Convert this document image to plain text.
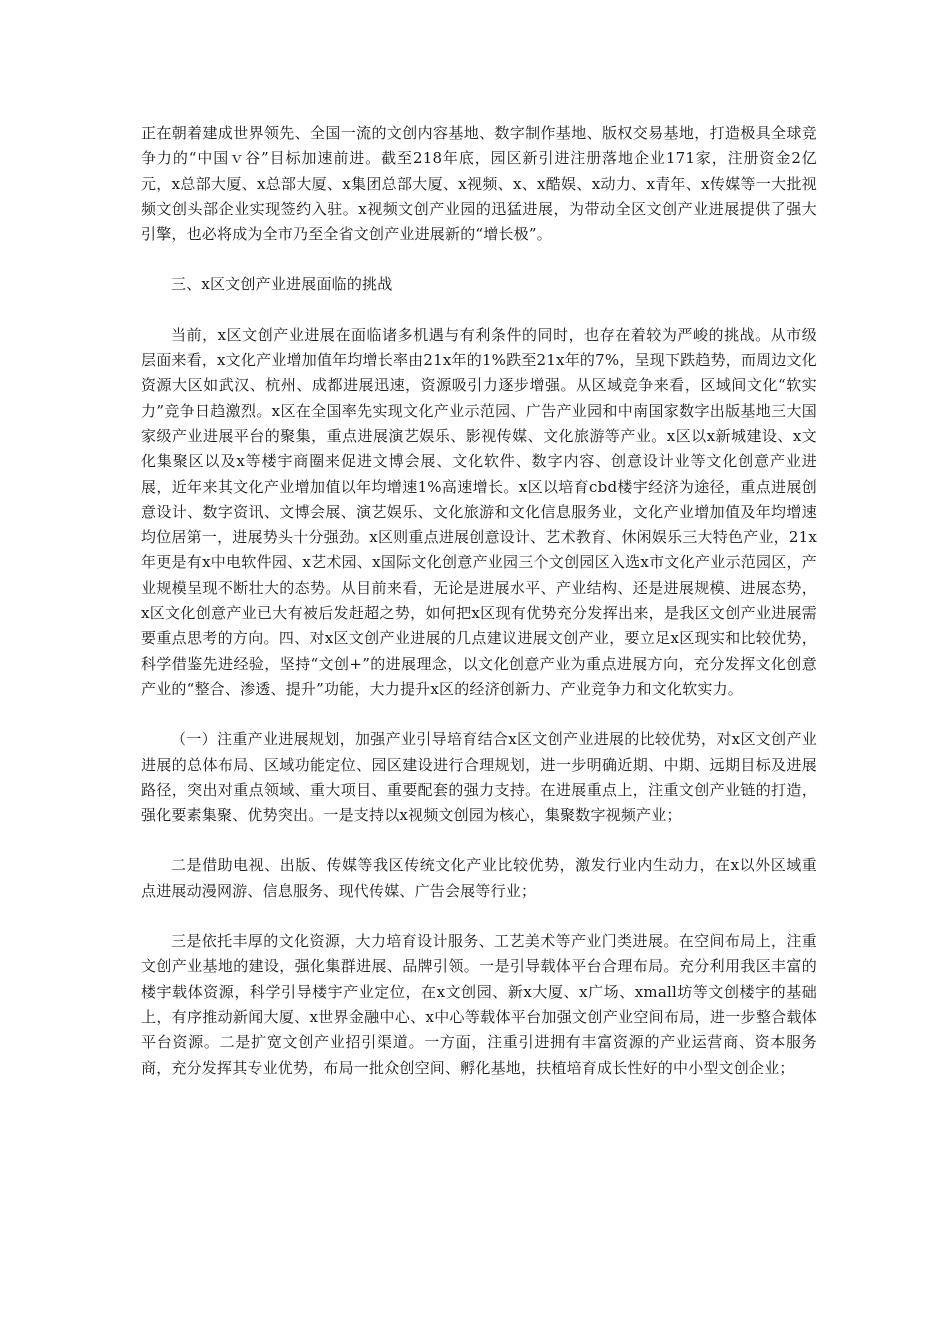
正在朝着建成世界领先、全国一流的文创内容基地、数字制作基地、版权交易基地，打造极具全球竞争力的“中国ｖ谷”目标加速前进。截至218年底，园区新引进注册落地企业171家，注册资金2亿元，x总部大厦、x总部大厦、x集团总部大厦、x视频、x、x酷娱、x动力、x青年、x传媒等一大批视频文创头部企业实现签约入驻。x视频文创产业园的迅猛进展，为带动全区文创产业进展提供了强大引擎，也必将成为全市乃至全省文创产业进展新的“增长极”。

三、x区文创产业进展面临的挑战

当前，x区文创产业进展在面临诸多机遇与有利条件的同时，也存在着较为严峻的挑战。从市级层面来看，x文化产业增加值年均增长率由21x年的1%跌至21x年的7%，呈现下跌趋势，而周边文化资源大区如武汉、杭州、成都进展迅速，资源吸引力逐步增强。从区域竞争来看，区域间文化“软实力”竞争日趋激烈。x区在全国率先实现文化产业示范园、广告产业园和中南国家数字出版基地三大国家级产业进展平台的聚集，重点进展演艺娱乐、影视传媒、文化旅游等产业。x区以x新城建设、x文化集聚区以及x等楼宇商圈来促进文博会展、文化软件、数字内容、创意设计业等文化创意产业进展，近年来其文化产业增加值以年均增速1%高速增长。x区以培育cbd楼宇经济为途径，重点进展创意设计、数字资讯、文博会展、演艺娱乐、文化旅游和文化信息服务业，文化产业增加值及年均增速均位居第一，进展势头十分强劲。x区则重点进展创意设计、艺术教育、休闲娱乐三大特色产业，21x年更是有x中电软件园、x艺术园、x国际文化创意产业园三个文创园区入选x市文化产业示范园区，产业规模呈现不断壮大的态势。从目前来看，无论是进展水平、产业结构、还是进展规模、进展态势，x区文化创意产业已大有被后发赶超之势，如何把x区现有优势充分发挥出来，是我区文创产业进展需要重点思考的方向。四、对x区文创产业进展的几点建议进展文创产业，要立足x区现实和比较优势，科学借鉴先进经验，坚持“文创+”的进展理念，以文化创意产业为重点进展方向，充分发挥文化创意产业的“整合、渗透、提升”功能，大力提升x区的经济创新力、产业竞争力和文化软实力。

（一）注重产业进展规划，加强产业引导培育结合x区文创产业进展的比较优势，对x区文创产业进展的总体布局、区域功能定位、园区建设进行合理规划，进一步明确近期、中期、远期目标及进展路径，突出对重点领域、重大项目、重要配套的强力支持。在进展重点上，注重文创产业链的打造，强化要素集聚、优势突出。一是支持以x视频文创园为核心，集聚数字视频产业；

二是借助电视、出版、传媒等我区传统文化产业比较优势，激发行业内生动力，在x以外区域重点进展动漫网游、信息服务、现代传媒、广告会展等行业；

三是依托丰厚的文化资源，大力培育设计服务、工艺美术等产业门类进展。在空间布局上，注重文创产业基地的建设，强化集群进展、品牌引领。一是引导载体平台合理布局。充分利用我区丰富的楼宇载体资源，科学引导楼宇产业定位，在x文创园、新x大厦、x广场、xmall坊等文创楼宇的基础上，有序推动新闻大厦、x世界金融中心、x中心等载体平台加强文创产业空间布局，进一步整合载体平台资源。二是扩宽文创产业招引渠道。一方面，注重引进拥有丰富资源的产业运营商、资本服务商，充分发挥其专业优势，布局一批众创空间、孵化基地，扶植培育成长性好的中小型文创企业；
